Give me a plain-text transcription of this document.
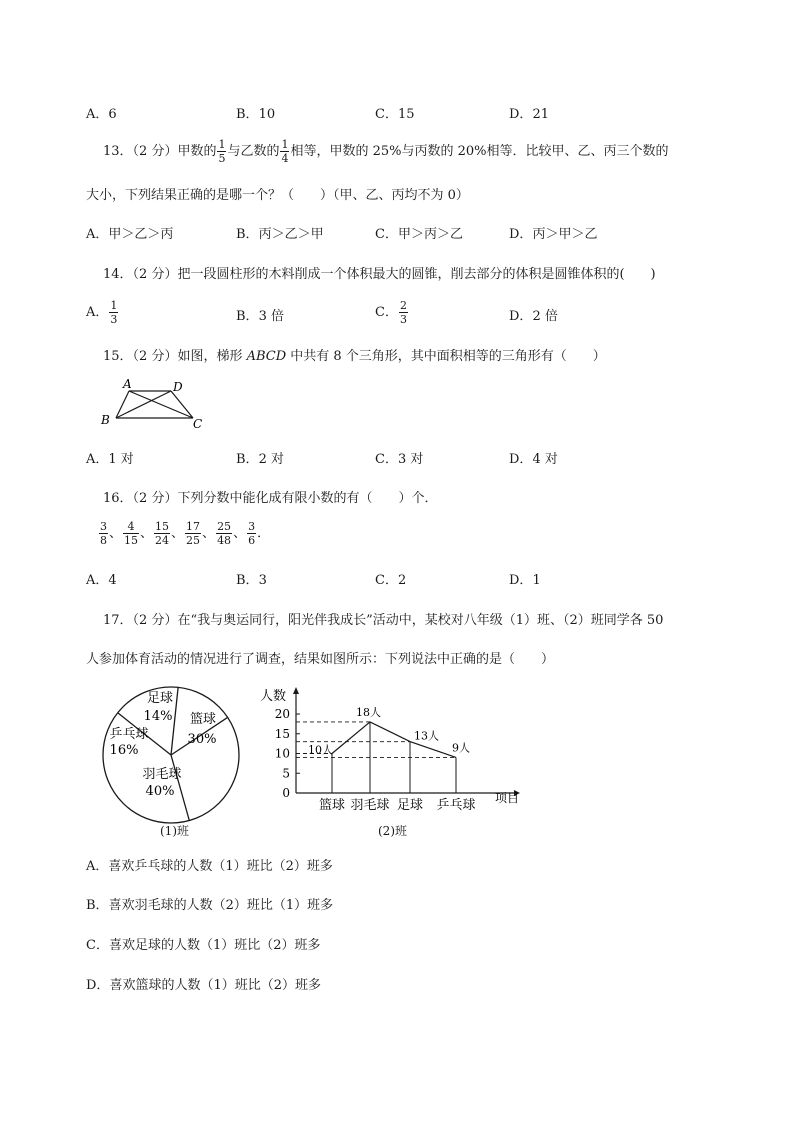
A．6	B．10	C．15	D．21
13．（2 分）甲数的 $\frac{1}{5}$ 与乙数的 $\frac{1}{4}$ 相等，甲数的 25%与丙数的 20%相等．比较甲、乙、丙三个数的
大小，下列结果正确的是哪一个？（　　）（甲、乙、丙均不为 0）
A．甲＞乙＞丙	B．丙＞乙＞甲	C．甲＞丙＞乙	D．丙＞甲＞乙
14．（2 分）把一段圆柱形的木料削成一个体积最大的圆锥，削去部分的体积是圆锥体积的(　　)
A． $\frac{1}{3}$	B．3 倍	C． $\frac{2}{3}$	D．2 倍
15．（2 分）如图，梯形 ABCD 中共有 8 个三角形，其中面积相等的三角形有（　　）
A	D
B	C
A．1 对	B．2 对	C．3 对	D．4 对
16．（2 分）下列分数中能化成有限小数的有（　　）个．
$\frac{3}{8}$ 、 $\frac{4}{15}$ 、 $\frac{15}{24}$ 、 $\frac{17}{25}$ 、 $\frac{25}{48}$ 、 $\frac{3}{6}$ ．
A．4	B．3	C．2	D．1
17．（2 分）在“我与奥运同行，阳光伴我成长”活动中，某校对八年级（1）班、（2）班同学各 50
人参加体育活动的情况进行了调查，结果如图所示：下列说法中正确的是（　　）
足球
14% 篮球
30%
羽毛球
40%
乒乓球
16%
(1)班
人数
项目
0
5
10
15
20
10人
18人
13人
9人
篮球 羽毛球 足球 乒乓球
(2)班
A．喜欢乒乓球的人数（1）班比（2）班多
B．喜欢羽毛球的人数（2）班比（1）班多
C．喜欢足球的人数（1）班比（2）班多
D．喜欢篮球的人数（1）班比（2）班多
